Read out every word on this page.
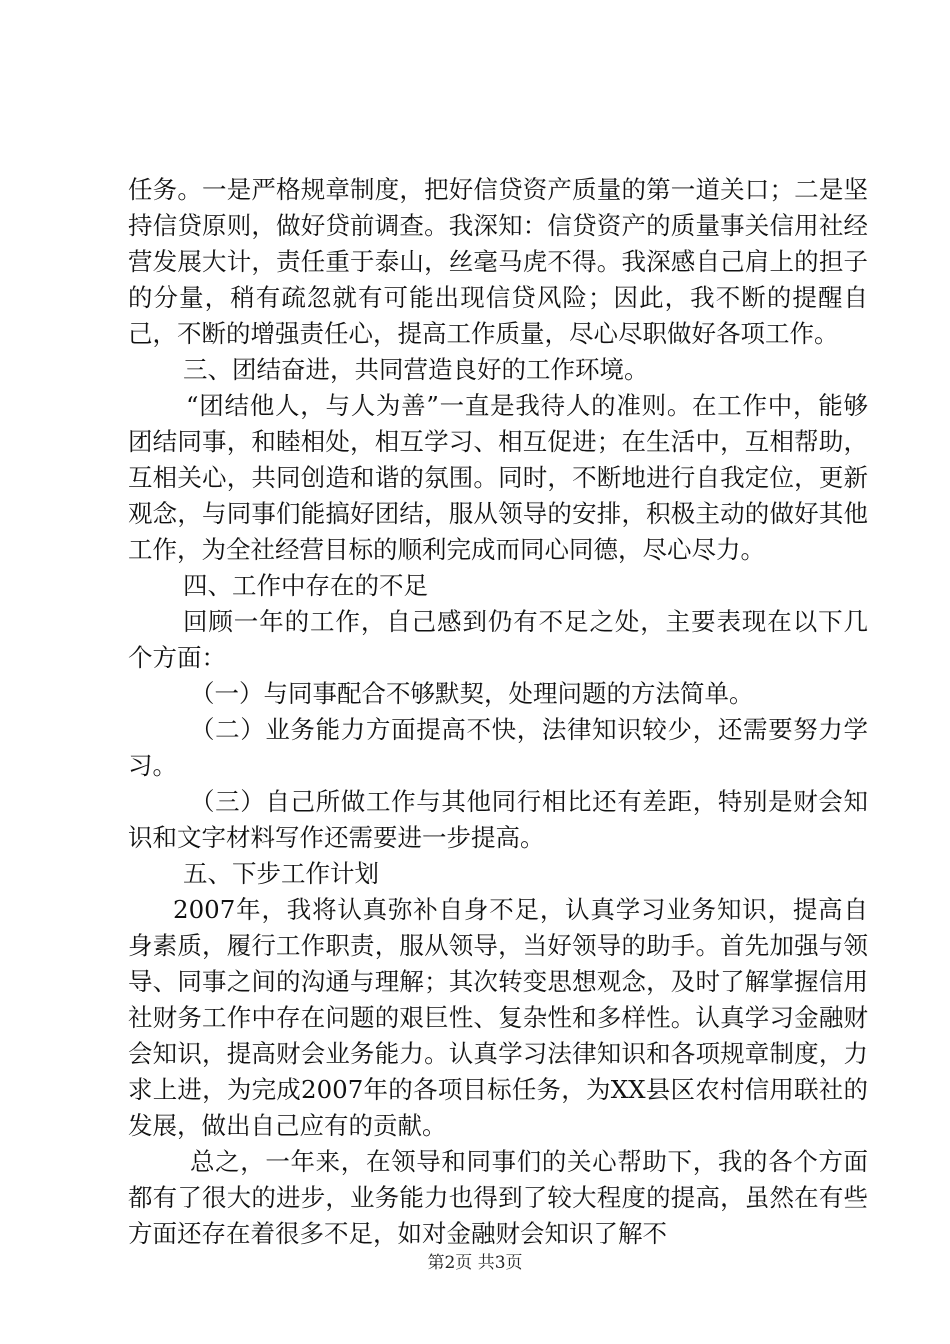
任务。一是严格规章制度，把好信贷资产质量的第一道关口；二是坚持信贷原则，做好贷前调查。我深知：信贷资产的质量事关信用社经营发展大计，责任重于泰山，丝毫马虎不得。我深感自己肩上的担子的分量，稍有疏忽就有可能出现信贷风险；因此，我不断的提醒自己，不断的增强责任心，提高工作质量，尽心尽职做好各项工作。

三、团结奋进，共同营造良好的工作环境。

“团结他人，与人为善”一直是我待人的准则。在工作中，能够团结同事，和睦相处，相互学习、相互促进；在生活中，互相帮助，互相关心，共同创造和谐的氛围。同时，不断地进行自我定位，更新观念，与同事们能搞好团结，服从领导的安排，积极主动的做好其他工作，为全社经营目标的顺利完成而同心同德，尽心尽力。

四、工作中存在的不足

回顾一年的工作，自己感到仍有不足之处，主要表现在以下几个方面：

（一）与同事配合不够默契，处理问题的方法简单。

（二）业务能力方面提高不快，法律知识较少，还需要努力学习。

（三）自己所做工作与其他同行相比还有差距，特别是财会知识和文字材料写作还需要进一步提高。

五、下步工作计划

2007年，我将认真弥补自身不足，认真学习业务知识，提高自身素质，履行工作职责，服从领导，当好领导的助手。首先加强与领导、同事之间的沟通与理解；其次转变思想观念，及时了解掌握信用社财务工作中存在问题的艰巨性、复杂性和多样性。认真学习金融财会知识，提高财会业务能力。认真学习法律知识和各项规章制度，力求上进，为完成2007年的各项目标任务，为XX县区农村信用联社的发展，做出自己应有的贡献。

总之，一年来，在领导和同事们的关心帮助下，我的各个方面都有了很大的进步，业务能力也得到了较大程度的提高，虽然在有些方面还存在着很多不足，如对金融财会知识了解不

第2页 共3页
